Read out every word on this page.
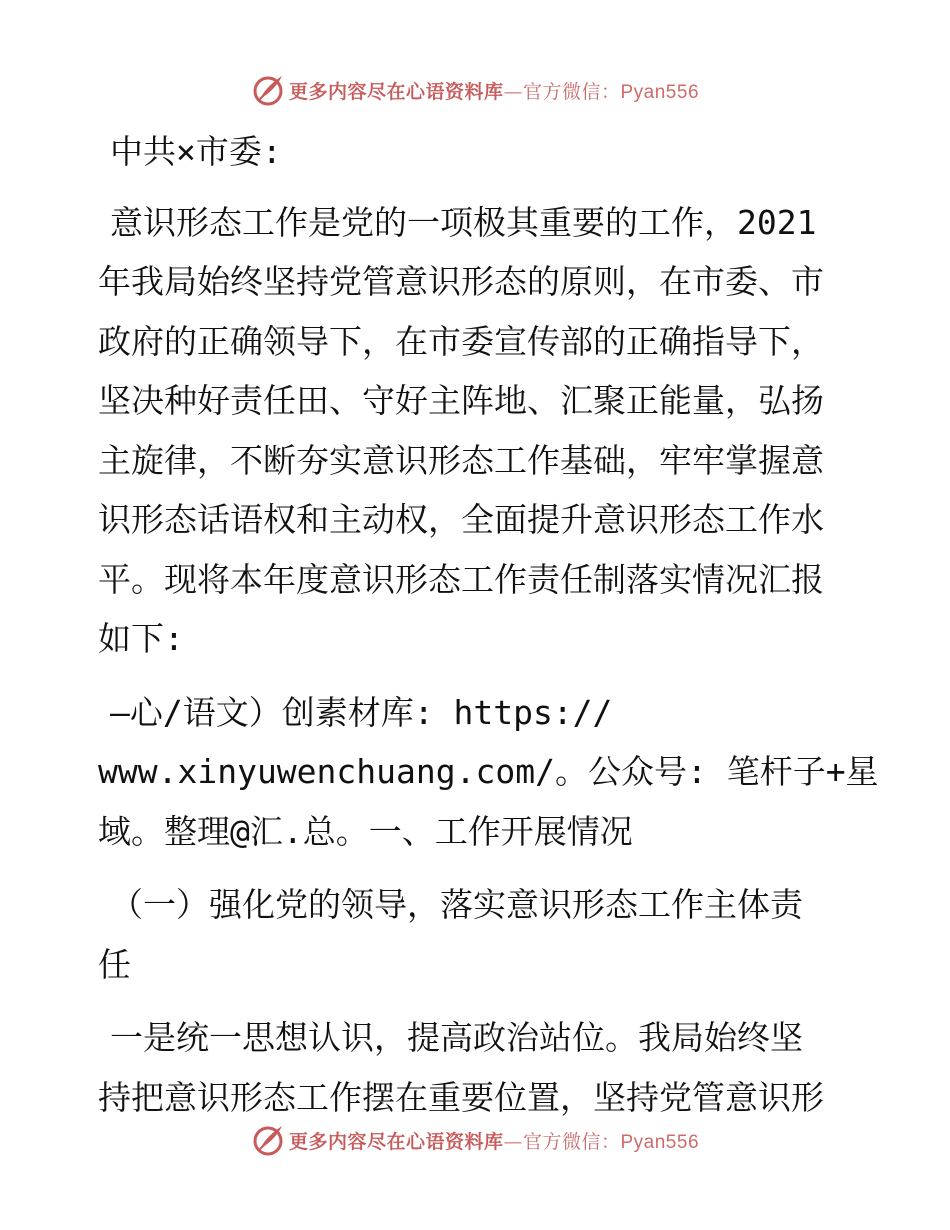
更多内容尽在心语资料库—官方微信：Pyan556
中共×市委:
意识形态工作是党的一项极其重要的工作，2021
年我局始终坚持党管意识形态的原则，在市委、市
政府的正确领导下，在市委宣传部的正确指导下，
坚决种好责任田、守好主阵地、汇聚正能量，弘扬
主旋律，不断夯实意识形态工作基础，牢牢掌握意
识形态话语权和主动权，全面提升意识形态工作水
平。现将本年度意识形态工作责任制落实情况汇报
如下:
—心/语文）创素材库: https://
www.xinyuwenchuang.com/。公众号: 笔杆子+星
域。整理@汇.总。一、工作开展情况
（一）强化党的领导，落实意识形态工作主体责
任
一是统一思想认识，提高政治站位。我局始终坚
持把意识形态工作摆在重要位置，坚持党管意识形
更多内容尽在心语资料库—官方微信：Pyan556
